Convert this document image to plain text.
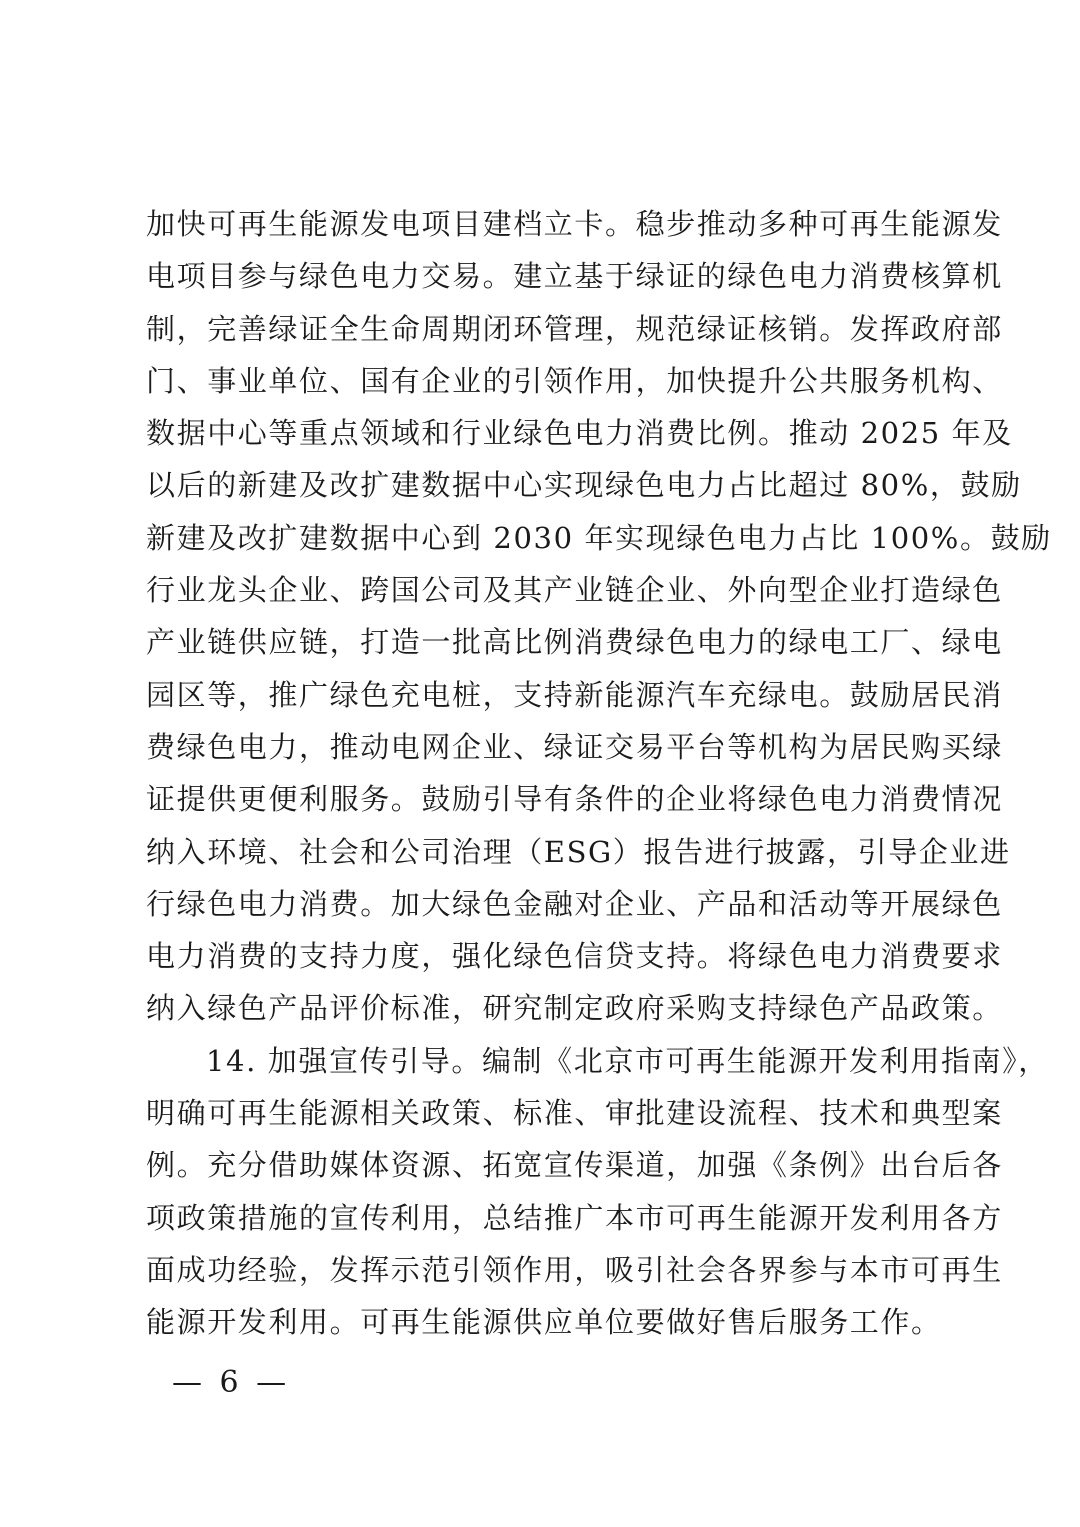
加快可再生能源发电项目建档立卡。稳步推动多种可再生能源发
电项目参与绿色电力交易。建立基于绿证的绿色电力消费核算机
制，完善绿证全生命周期闭环管理，规范绿证核销。发挥政府部
门、事业单位、国有企业的引领作用，加快提升公共服务机构、
数据中心等重点领域和行业绿色电力消费比例。推动 2025 年及
以后的新建及改扩建数据中心实现绿色电力占比超过 80%，鼓励
新建及改扩建数据中心到 2030 年实现绿色电力占比 100%。鼓励
行业龙头企业、跨国公司及其产业链企业、外向型企业打造绿色
产业链供应链，打造一批高比例消费绿色电力的绿电工厂、绿电
园区等，推广绿色充电桩，支持新能源汽车充绿电。鼓励居民消
费绿色电力，推动电网企业、绿证交易平台等机构为居民购买绿
证提供更便利服务。鼓励引导有条件的企业将绿色电力消费情况
纳入环境、社会和公司治理（ESG）报告进行披露，引导企业进
行绿色电力消费。加大绿色金融对企业、产品和活动等开展绿色
电力消费的支持力度，强化绿色信贷支持。将绿色电力消费要求
纳入绿色产品评价标准，研究制定政府采购支持绿色产品政策。
14. 加强宣传引导。编制《北京市可再生能源开发利用指南》，
明确可再生能源相关政策、标准、审批建设流程、技术和典型案
例。充分借助媒体资源、拓宽宣传渠道，加强《条例》出台后各
项政策措施的宣传利用，总结推广本市可再生能源开发利用各方
面成功经验，发挥示范引领作用，吸引社会各界参与本市可再生
能源开发利用。可再生能源供应单位要做好售后服务工作。
— 6 —
